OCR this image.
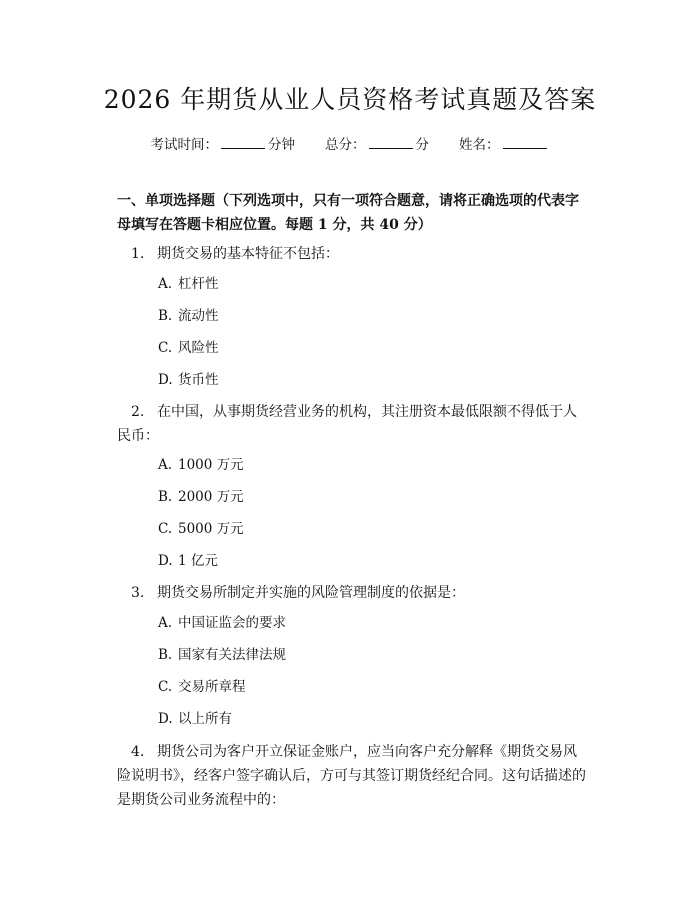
2026 年期货从业人员资格考试真题及答案
考试时间：	分钟 总分：	分 姓名：
一、单项选择题（下列选项中，只有一项符合题意，请将正确选项的代表字母填写在答题卡相应位置。每题 1 分，共 40 分）
1. 期货交易的基本特征不包括：
A. 杠杆性
B. 流动性
C. 风险性
D. 货币性
2. 在中国，从事期货经营业务的机构，其注册资本最低限额不得低于人民币：
A. 1000 万元
B. 2000 万元
C. 5000 万元
D. 1 亿元
3. 期货交易所制定并实施的风险管理制度的依据是：
A. 中国证监会的要求
B. 国家有关法律法规
C. 交易所章程
D. 以上所有
4. 期货公司为客户开立保证金账户，应当向客户充分解释《期货交易风险说明书》，经客户签字确认后，方可与其签订期货经纪合同。这句话描述的是期货公司业务流程中的：
